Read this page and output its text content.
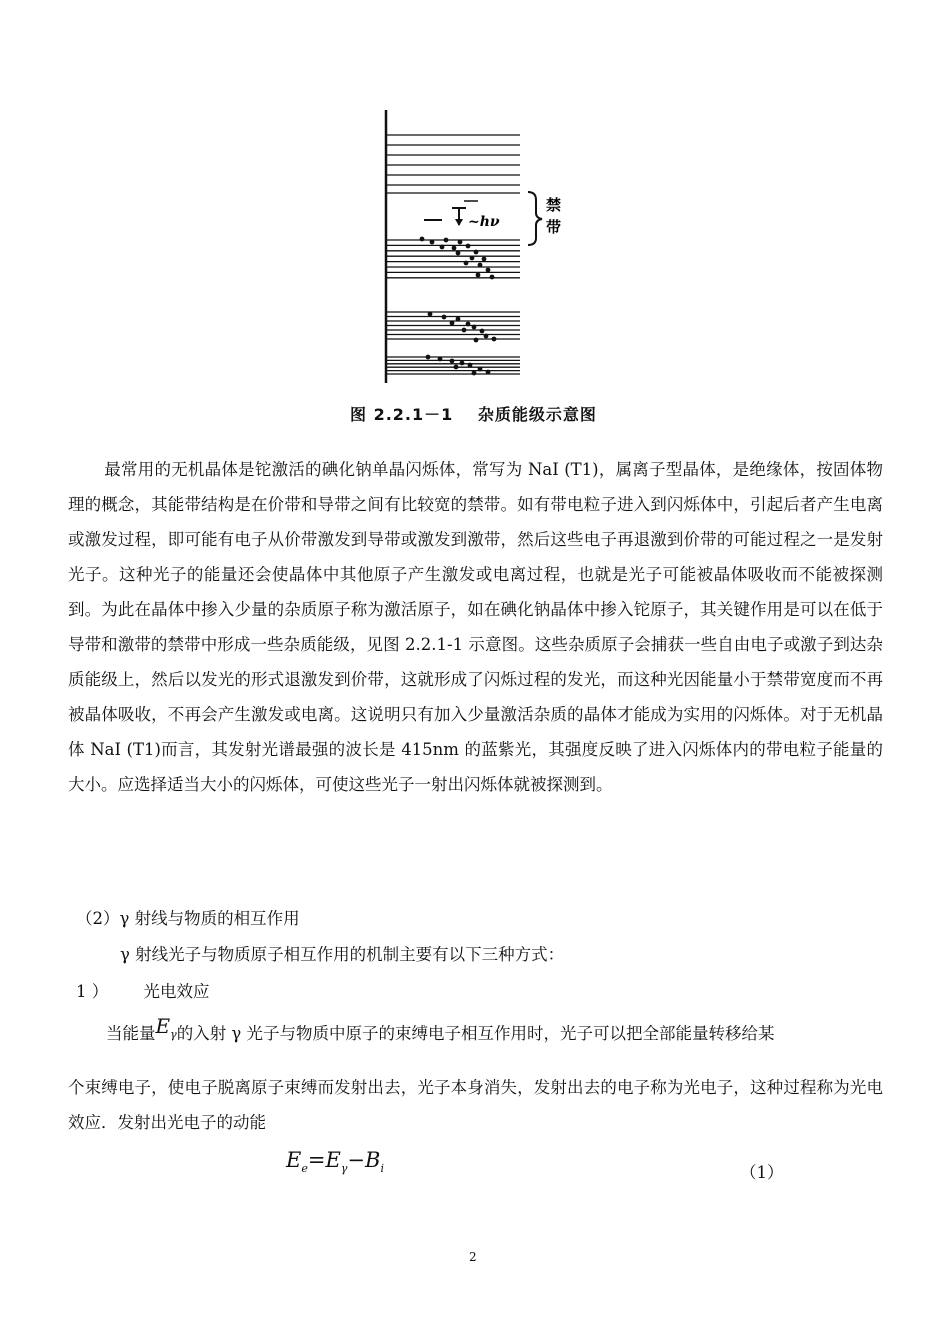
~hν
禁
带
图 2.2.1－1 杂质能级示意图
最常用的无机晶体是铊激活的碘化钠单晶闪烁体，常写为 NaI (T1)，属离子型晶体，是绝缘体，按固体物理的概念，其能带结构是在价带和导带之间有比较宽的禁带。如有带电粒子进入到闪烁体中，引起后者产生电离或激发过程，即可能有电子从价带激发到导带或激发到激带，然后这些电子再退激到价带的可能过程之一是发射光子。这种光子的能量还会使晶体中其他原子产生激发或电离过程，也就是光子可能被晶体吸收而不能被探测到。为此在晶体中掺入少量的杂质原子称为激活原子，如在碘化钠晶体中掺入铊原子，其关键作用是可以在低于导带和激带的禁带中形成一些杂质能级，见图 2.2.1-1 示意图。这些杂质原子会捕获一些自由电子或激子到达杂质能级上，然后以发光的形式退激发到价带，这就形成了闪烁过程的发光，而这种光因能量小于禁带宽度而不再被晶体吸收，不再会产生激发或电离。这说明只有加入少量激活杂质的晶体才能成为实用的闪烁体。对于无机晶体 NaI (T1)而言，其发射光谱最强的波长是 415nm 的蓝紫光，其强度反映了进入闪烁体内的带电粒子能量的大小。应选择适当大小的闪烁体，可使这些光子一射出闪烁体就被探测到。
（2）γ 射线与物质的相互作用
γ 射线光子与物质原子相互作用的机制主要有以下三种方式：
1 ） 光电效应
当能量$E_\gamma$的入射 γ 光子与物质中原子的束缚电子相互作用时，光子可以把全部能量转移给某
个束缚电子，使电子脱离原子束缚而发射出去，光子本身消失，发射出去的电子称为光电子，这种过程称为光电效应．发射出光电子的动能
$E_e=E_\gamma-B_i$	（1）
2
